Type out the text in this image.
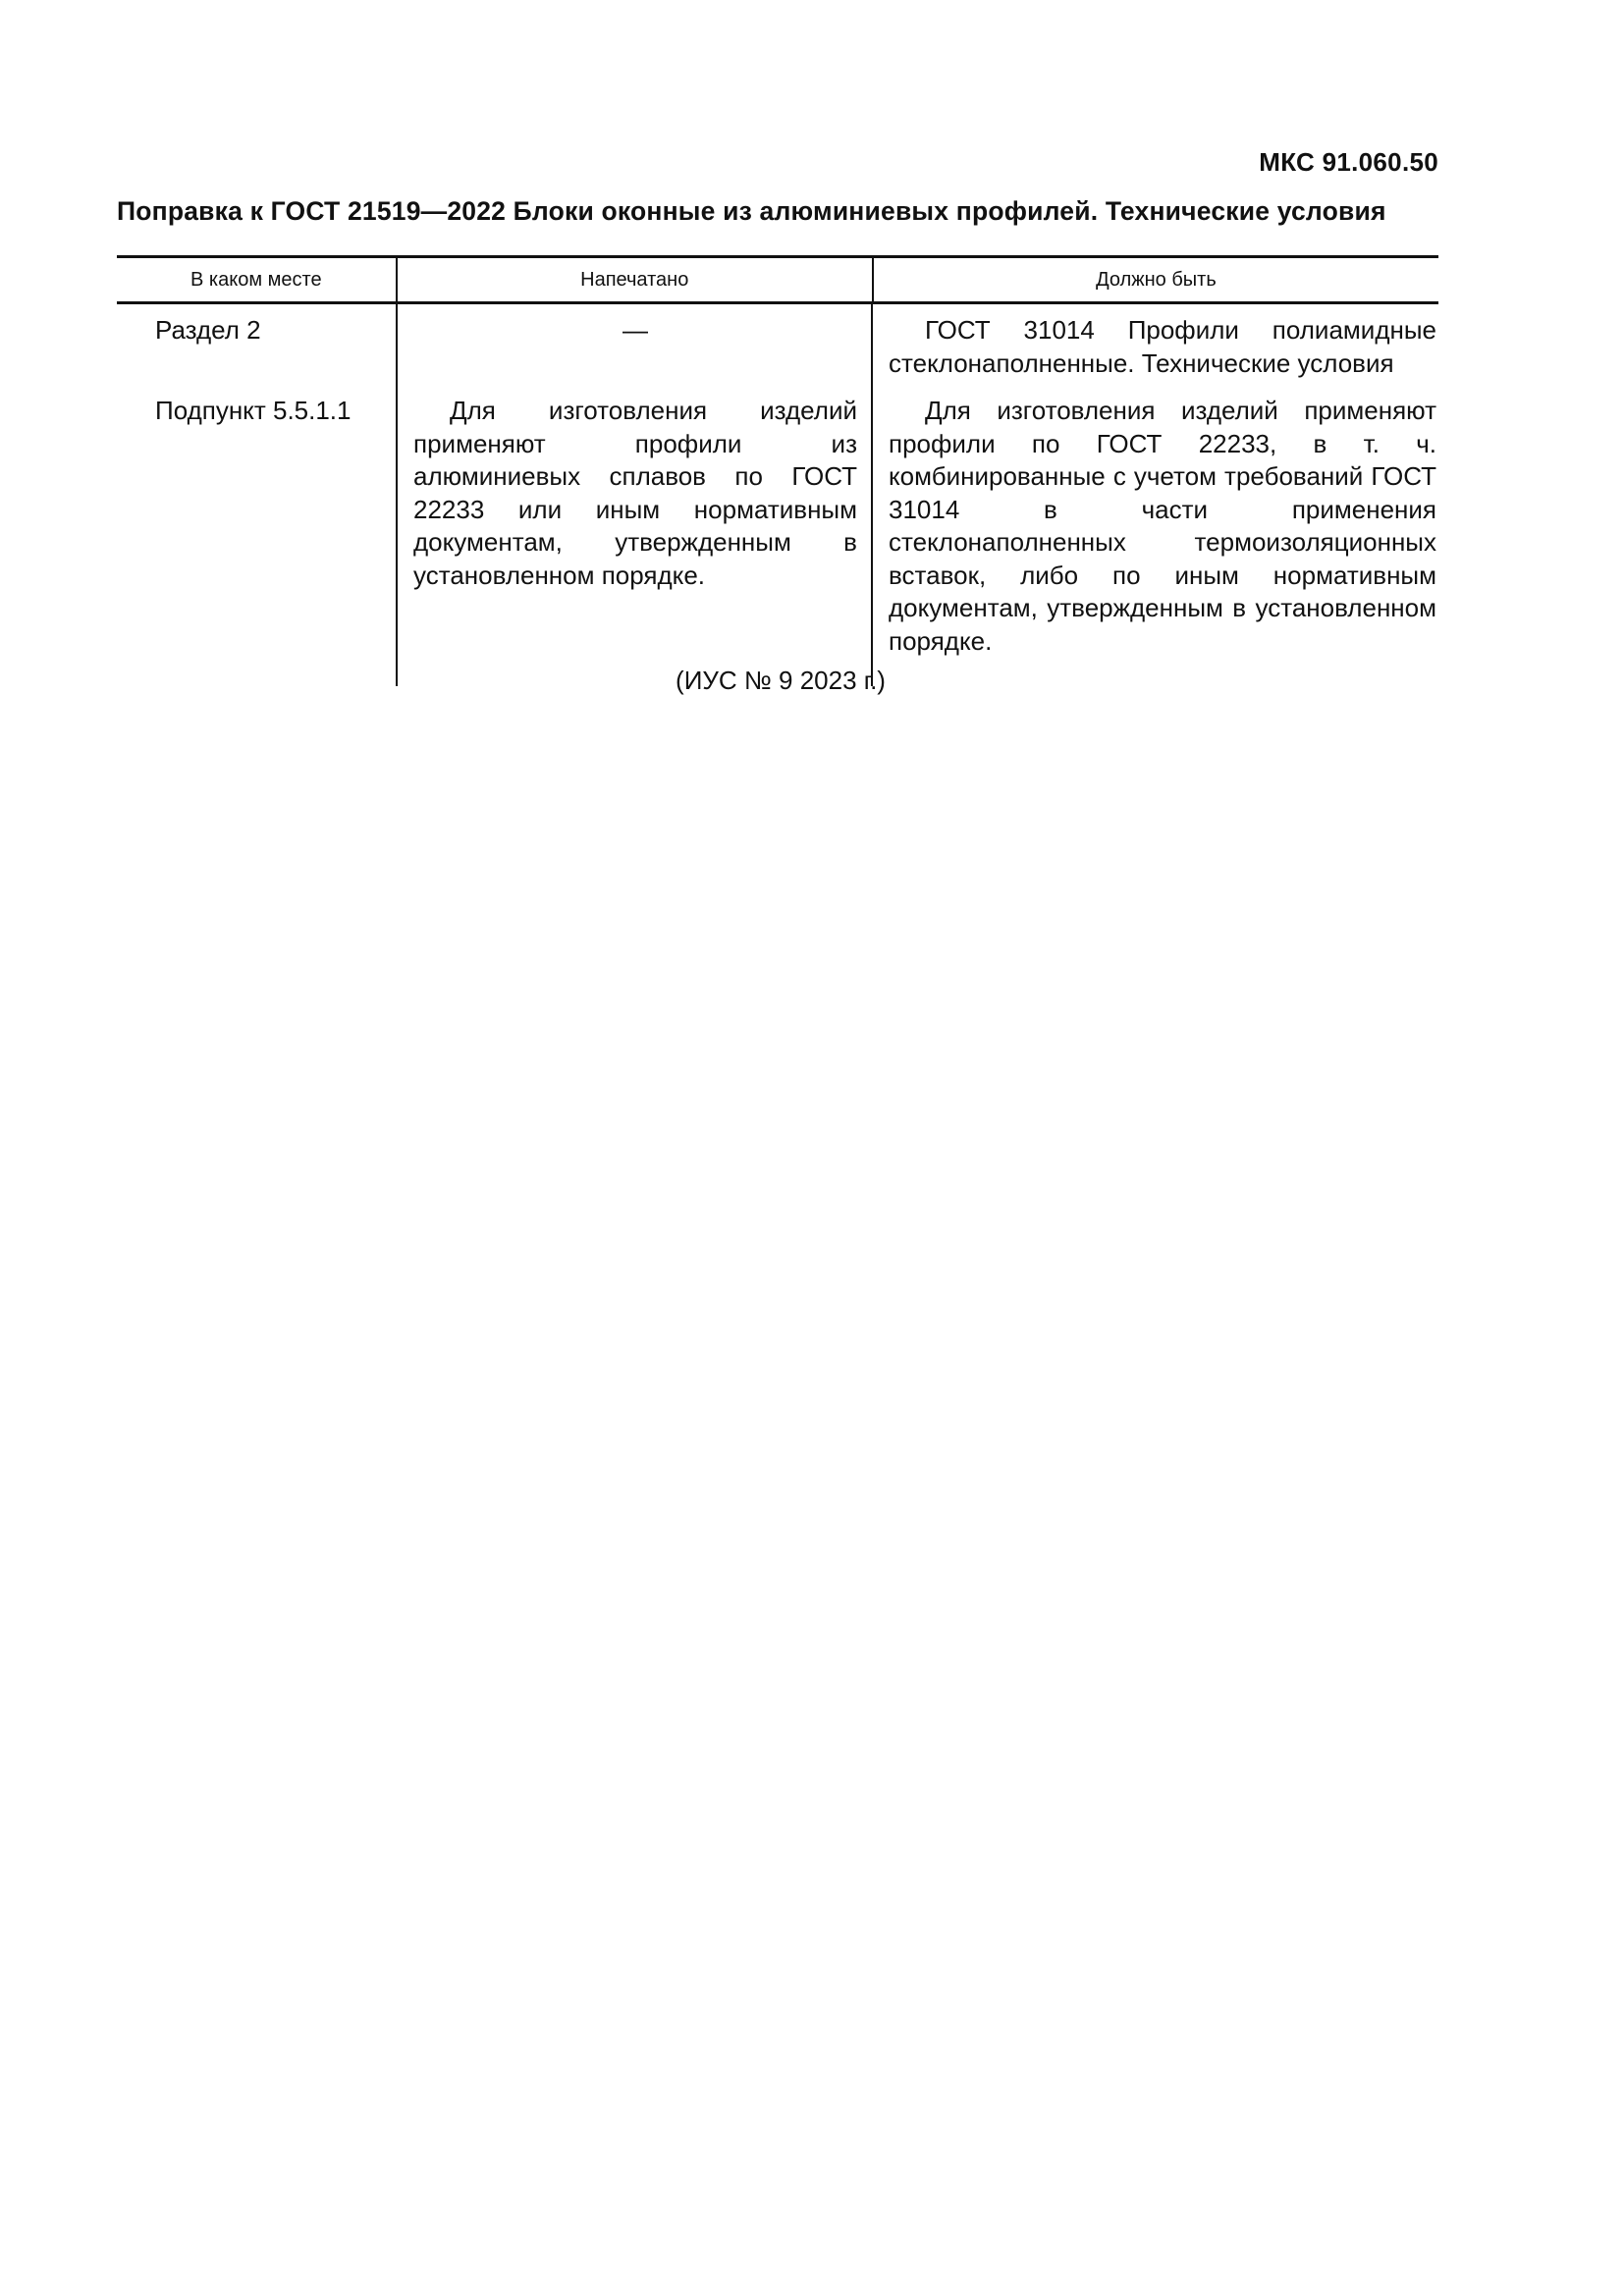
МКС 91.060.50
Поправка к ГОСТ 21519—2022 Блоки оконные из алюминиевых профилей. Технические условия
В каком месте	Напечатано	Должно быть
Раздел 2
Подпункт 5.5.1.1
—
Для изготовления изделий применяют профили из алюминиевых сплавов по ГОСТ 22233 или иным нормативным документам, утвержденным в установленном порядке.
ГОСТ 31014 Профили полиамидные стеклонаполненные. Технические условия
Для изготовления изделий применяют профили по ГОСТ 22233, в т. ч. комбинированные с учетом требований ГОСТ 31014 в части применения стеклонаполненных термоизоляционных вставок, либо по иным нормативным документам, утвержденным в установленном порядке.
(ИУС № 9 2023 г.)
